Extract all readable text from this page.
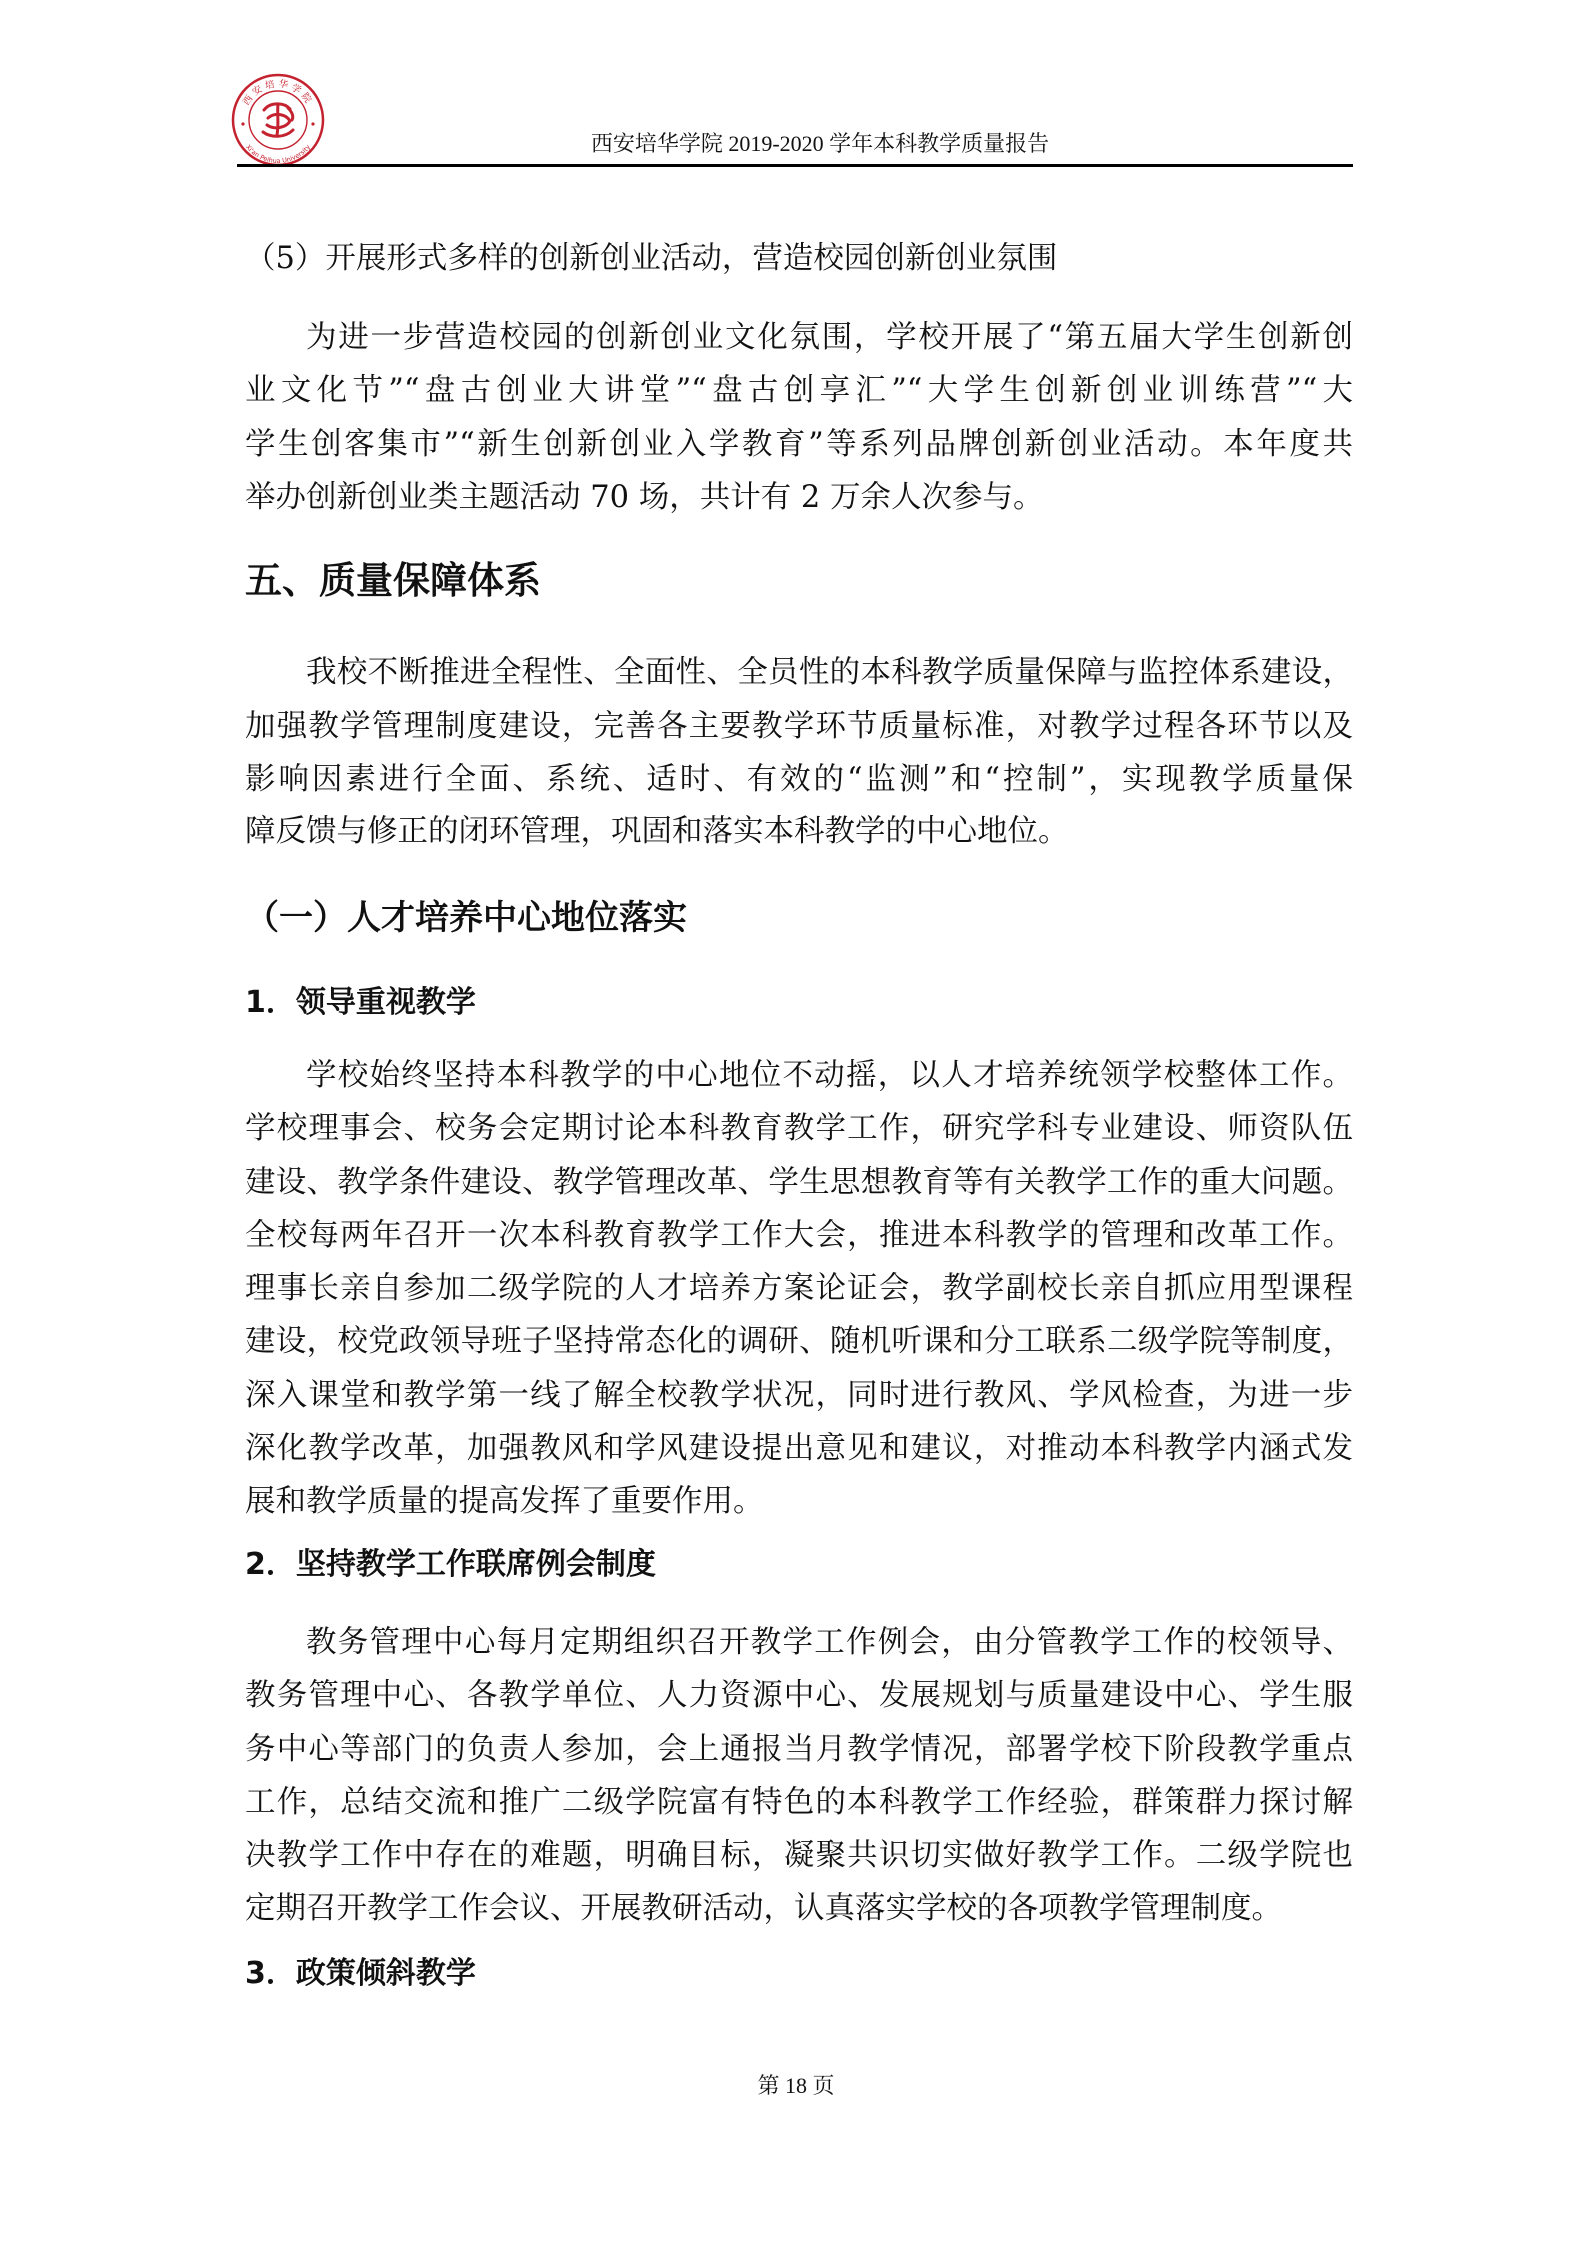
西安培华学院
Xi'an Peihua University	西安培华学院 2019-2020 学年本科教学质量报告
（5）开展形式多样的创新创业活动，营造校园创新创业氛围
为进一步营造校园的创新创业文化氛围，学校开展了“第五届大学生创新创
业文化节”“盘古创业大讲堂”“盘古创享汇”“大学生创新创业训练营”“大
学生创客集市”“新生创新创业入学教育”等系列品牌创新创业活动。本年度共
举办创新创业类主题活动 70 场，共计有 2 万余人次参与。
五、质量保障体系
我校不断推进全程性、全面性、全员性的本科教学质量保障与监控体系建设，
加强教学管理制度建设，完善各主要教学环节质量标准，对教学过程各环节以及
影响因素进行全面、系统、适时、有效的“监测”和“控制”，实现教学质量保
障反馈与修正的闭环管理，巩固和落实本科教学的中心地位。
（一）人才培养中心地位落实
1．领导重视教学
学校始终坚持本科教学的中心地位不动摇，以人才培养统领学校整体工作。
学校理事会、校务会定期讨论本科教育教学工作，研究学科专业建设、师资队伍
建设、教学条件建设、教学管理改革、学生思想教育等有关教学工作的重大问题。
全校每两年召开一次本科教育教学工作大会，推进本科教学的管理和改革工作。
理事长亲自参加二级学院的人才培养方案论证会，教学副校长亲自抓应用型课程
建设，校党政领导班子坚持常态化的调研、随机听课和分工联系二级学院等制度，
深入课堂和教学第一线了解全校教学状况，同时进行教风、学风检查，为进一步
深化教学改革，加强教风和学风建设提出意见和建议，对推动本科教学内涵式发
展和教学质量的提高发挥了重要作用。
2．坚持教学工作联席例会制度
教务管理中心每月定期组织召开教学工作例会，由分管教学工作的校领导、
教务管理中心、各教学单位、人力资源中心、发展规划与质量建设中心、学生服
务中心等部门的负责人参加，会上通报当月教学情况，部署学校下阶段教学重点
工作，总结交流和推广二级学院富有特色的本科教学工作经验，群策群力探讨解
决教学工作中存在的难题，明确目标，凝聚共识切实做好教学工作。二级学院也
定期召开教学工作会议、开展教研活动，认真落实学校的各项教学管理制度。
3．政策倾斜教学
第 18 页
